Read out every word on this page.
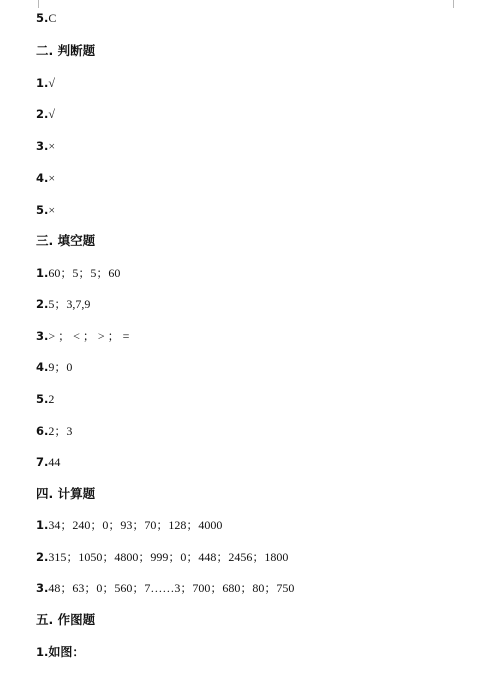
5.C
二. 判断题
1.√
2.√
3.×
4.×
5.×
三. 填空题
1.60；5；5；60
2.5；3,7,9
3.> ； < ； > ； =
4.9；0
5.2
6.2；3
7.44
四. 计算题
1.34；240；0；93；70；128；4000
2.315；1050；4800；999；0；448；2456；1800
3.48；63；0；560；7……3；700；680；80；750
五. 作图题
1.如图：
